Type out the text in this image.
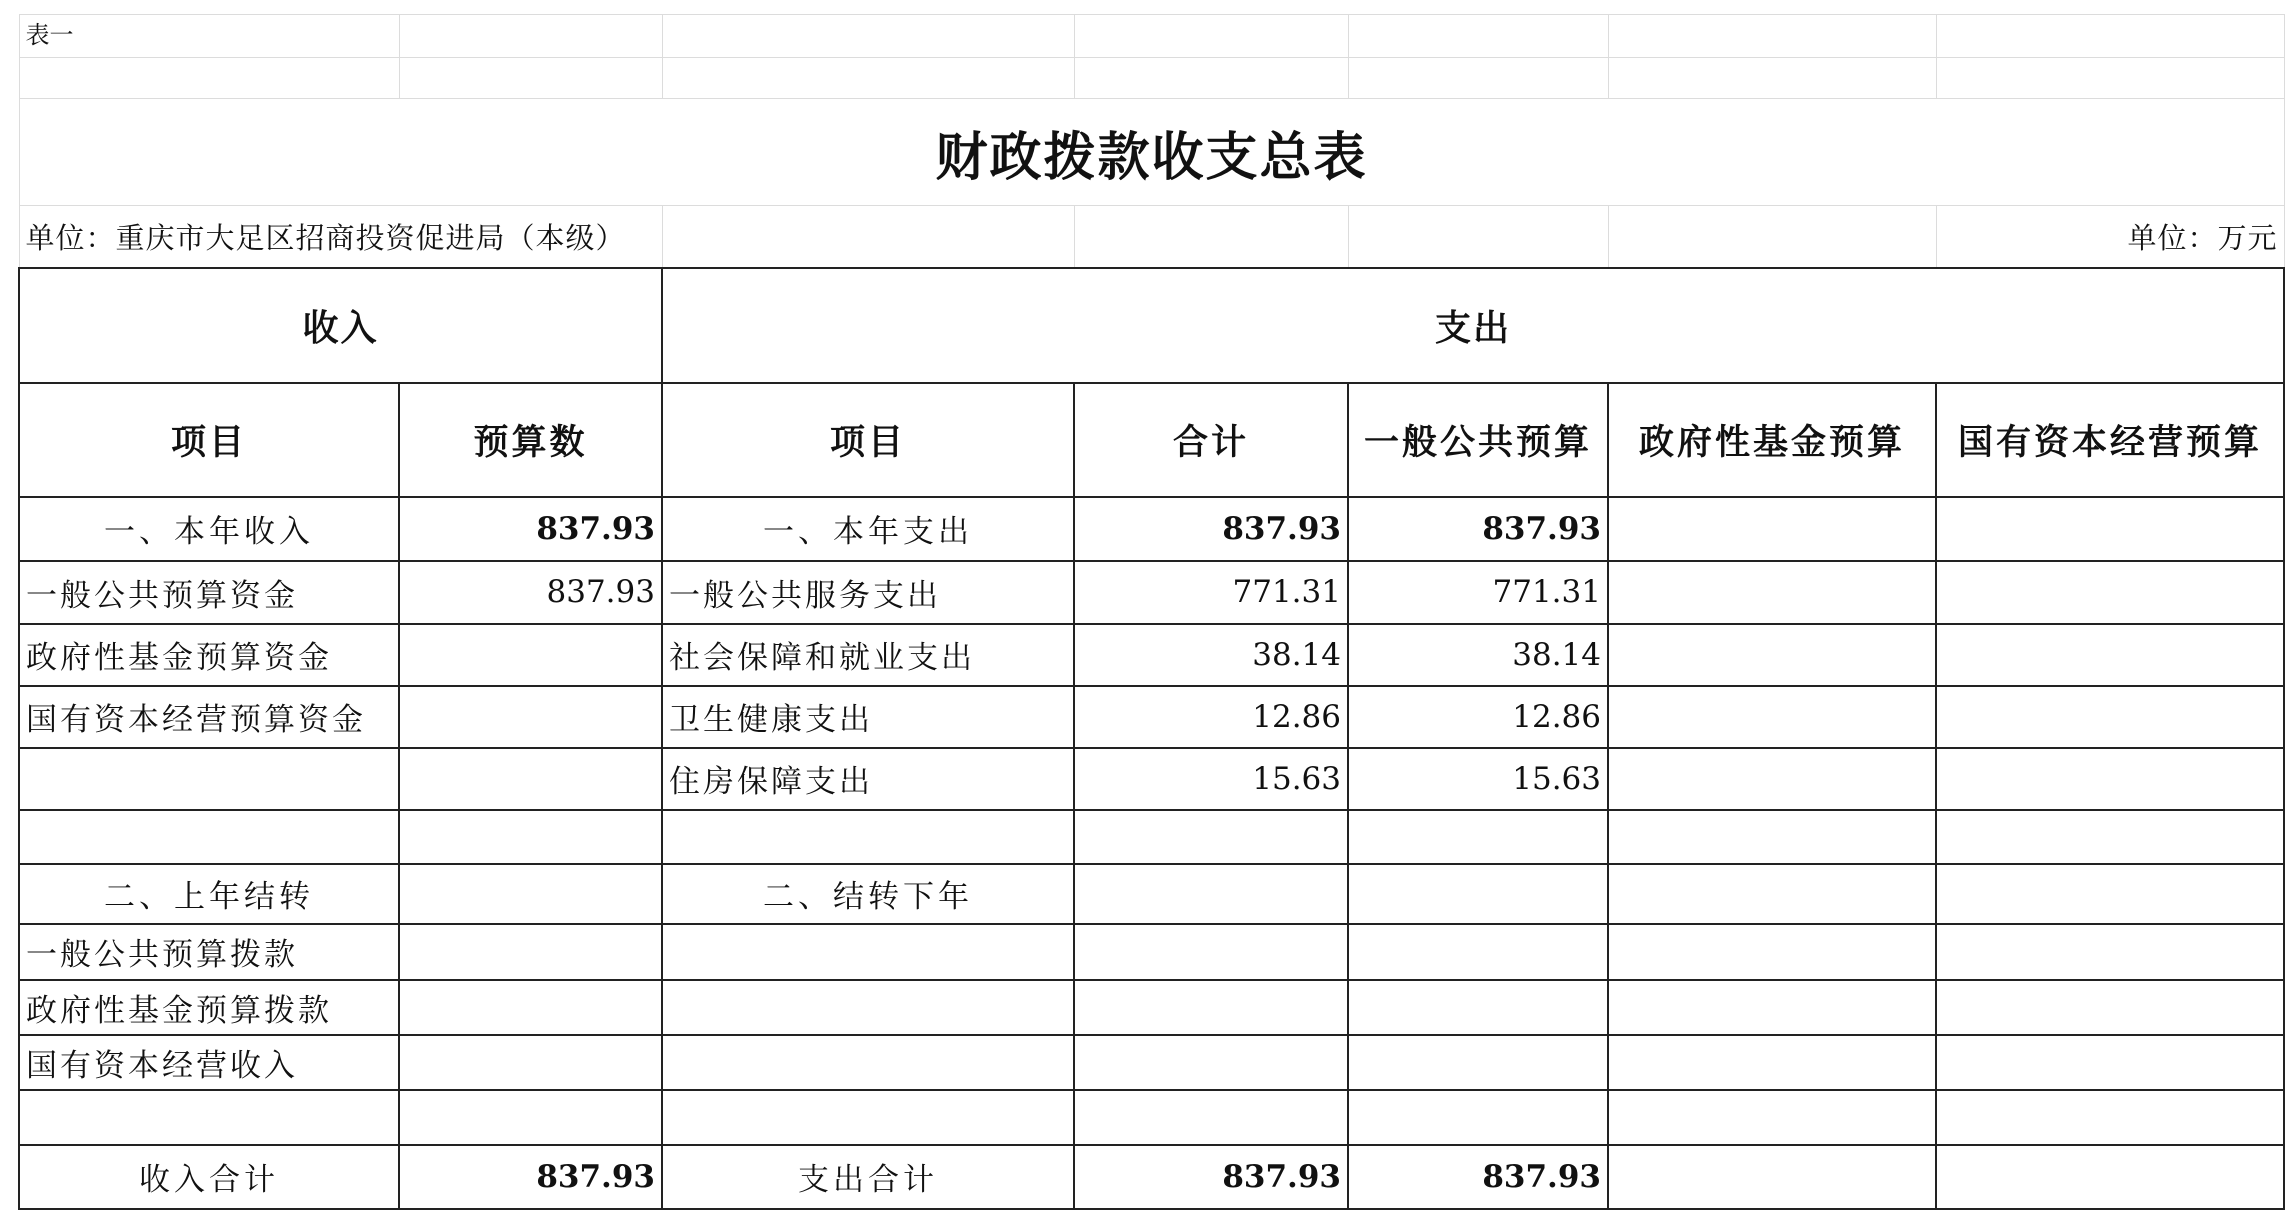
表一						

财政拨款收支总表						
单位：重庆市大足区招商投资促进局（本级）						单位：万元
收入		支出				
项目	预算数	项目	合计	一般公共预算	政府性基金预算	国有资本经营预算
一、本年收入	837.93	一、本年支出	837.93	837.93		
一般公共预算资金	837.93	一般公共服务支出	771.31	771.31		
政府性基金预算资金		社会保障和就业支出	38.14	38.14		
国有资本经营预算资金		卫生健康支出	12.86	12.86		
		住房保障支出	15.63	15.63		

二、上年结转		二、结转下年				
一般公共预算拨款						
政府性基金预算拨款						
国有资本经营收入						

收入合计	837.93	支出合计	837.93	837.93		
